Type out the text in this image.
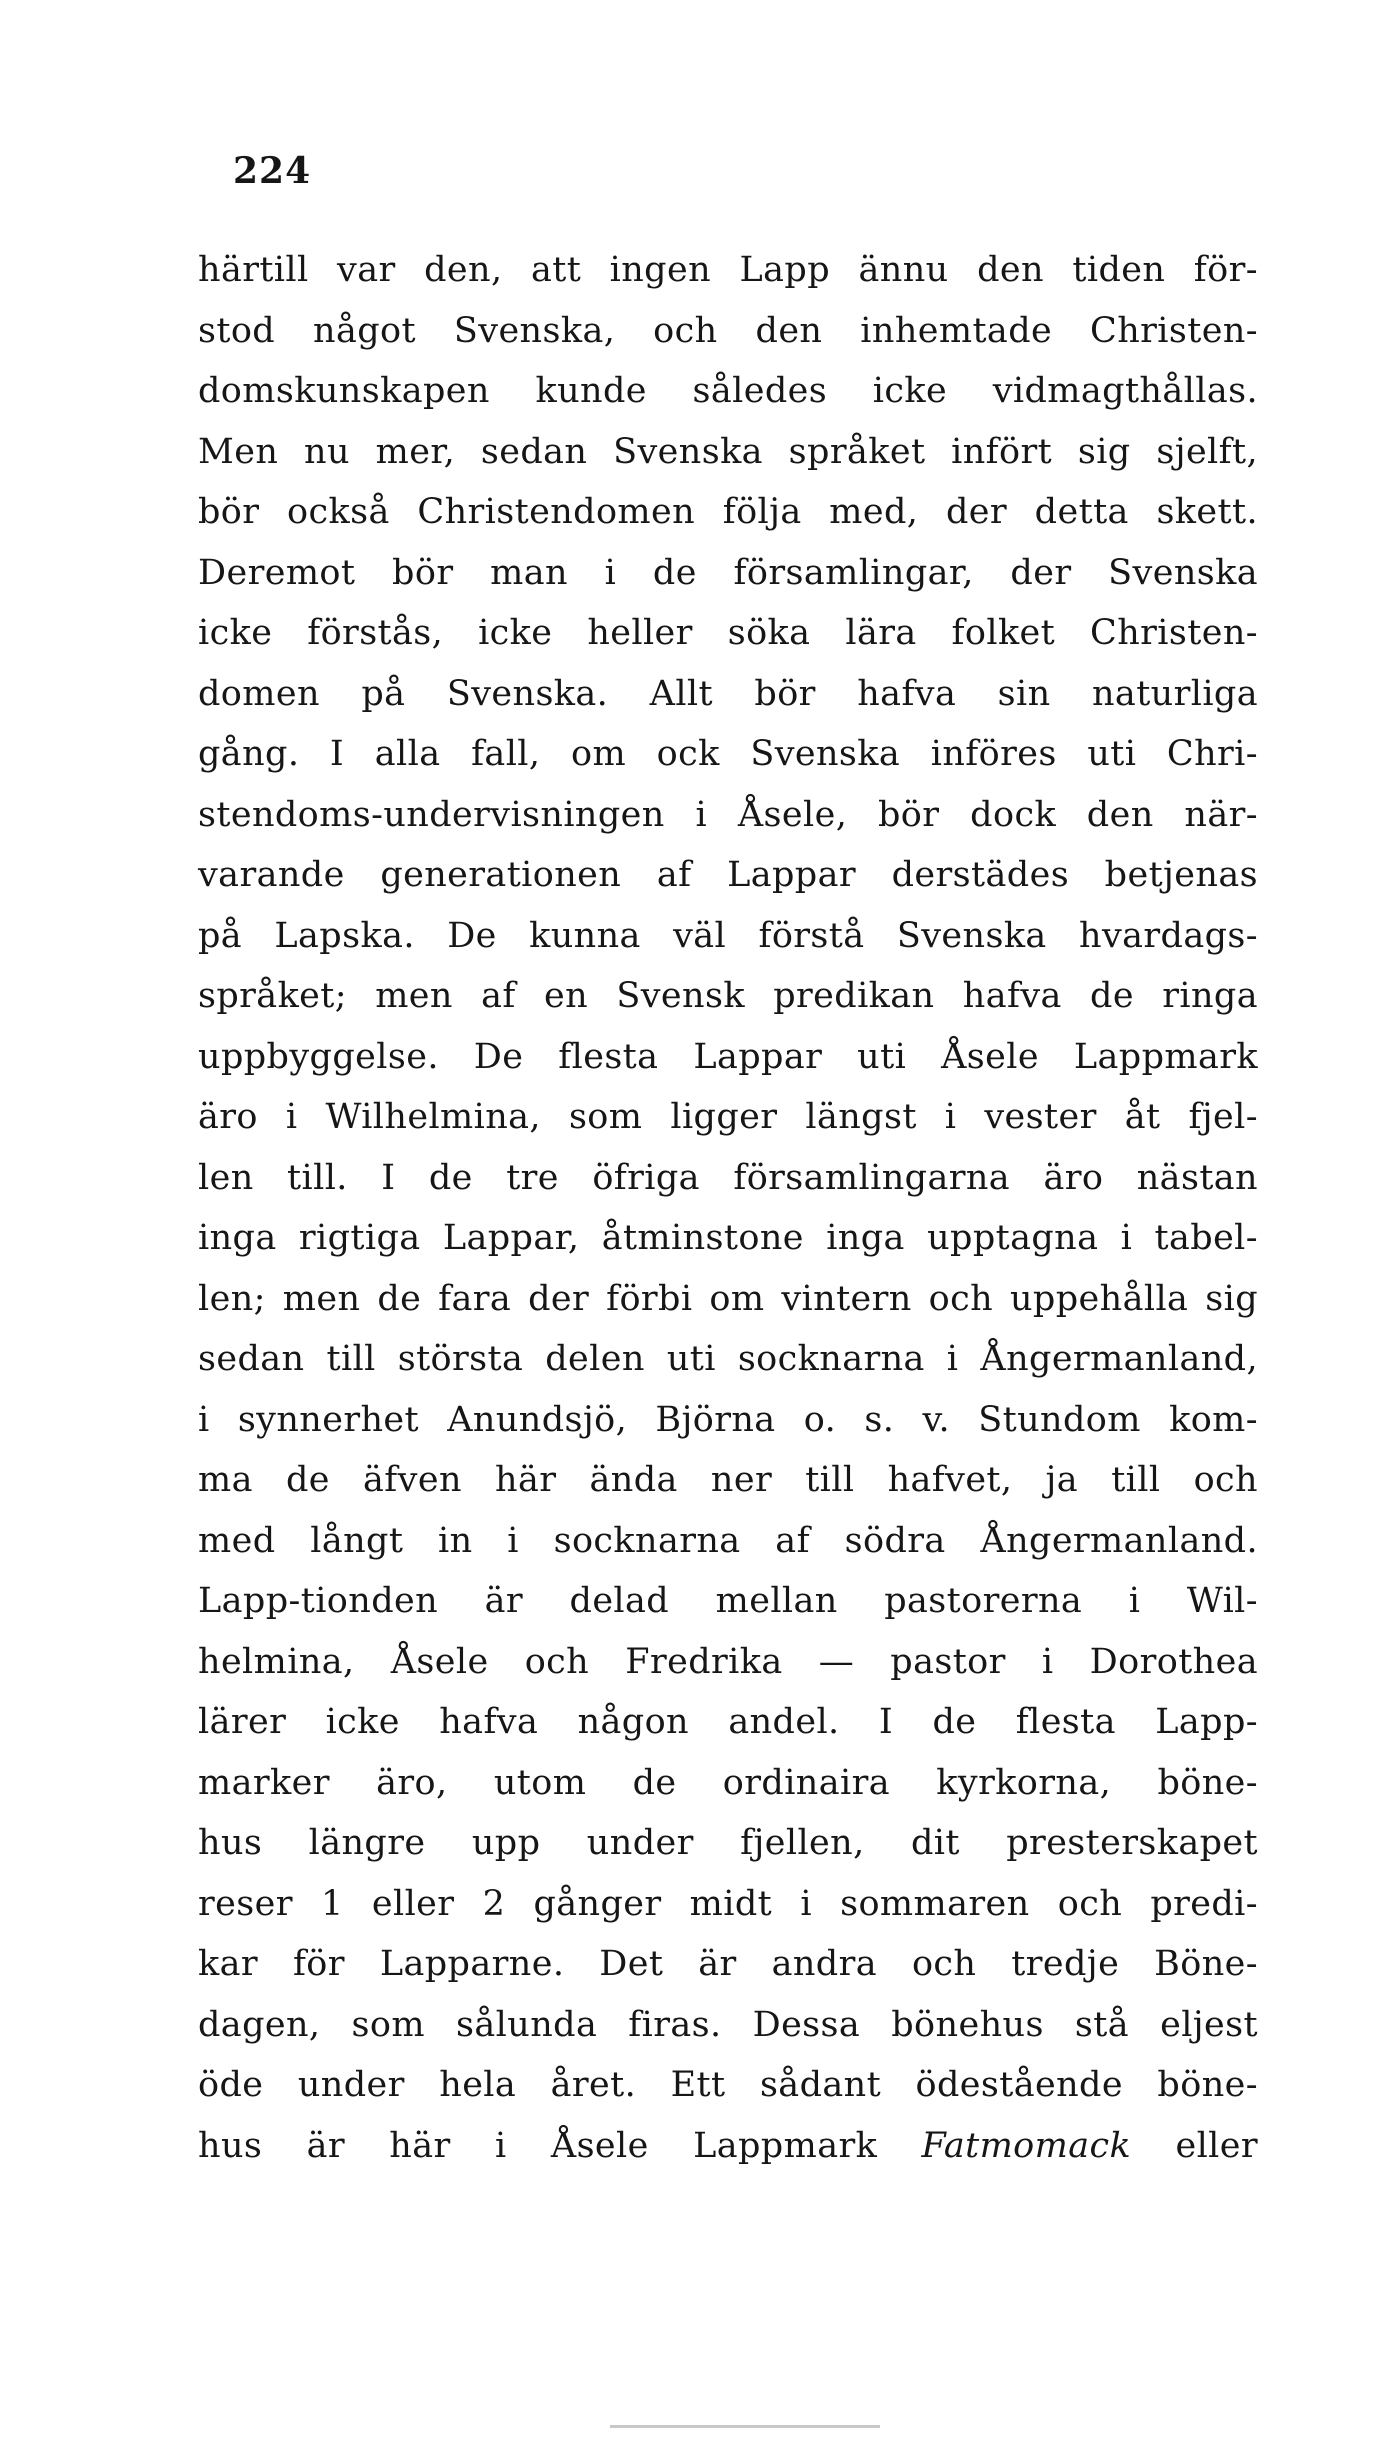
224
härtill var den, att ingen Lapp ännu den tiden för-
stod något Svenska, och den inhemtade Christen-
domskunskapen kunde således icke vidmagthållas.
Men nu mer, sedan Svenska språket infört sig sjelft,
bör också Christendomen följa med, der detta skett.
Deremot bör man i de församlingar, der Svenska
icke förstås, icke heller söka lära folket Christen-
domen på Svenska. Allt bör hafva sin naturliga
gång. I alla fall, om ock Svenska införes uti Chri-
stendoms-undervisningen i Åsele, bör dock den när-
varande generationen af Lappar derstädes betjenas
på Lapska. De kunna väl förstå Svenska hvardags-
språket; men af en Svensk predikan hafva de ringa
uppbyggelse. De flesta Lappar uti Åsele Lappmark
äro i Wilhelmina, som ligger längst i vester åt fjel-
len till. I de tre öfriga församlingarna äro nästan
inga rigtiga Lappar, åtminstone inga upptagna i tabel-
len; men de fara der förbi om vintern och uppehålla sig
sedan till största delen uti socknarna i Ångermanland,
i synnerhet Anundsjö, Björna o. s. v. Stundom kom-
ma de äfven här ända ner till hafvet, ja till och
med långt in i socknarna af södra Ångermanland.
Lapp-tionden är delad mellan pastorerna i Wil-
helmina, Åsele och Fredrika — pastor i Dorothea
lärer icke hafva någon andel. I de flesta Lapp-
marker äro, utom de ordinaira kyrkorna, böne-
hus längre upp under fjellen, dit presterskapet
reser 1 eller 2 gånger midt i sommaren och predi-
kar för Lapparne. Det är andra och tredje Böne-
dagen, som sålunda firas. Dessa bönehus stå eljest
öde under hela året. Ett sådant ödestående böne-
hus är här i Åsele Lappmark Fatmomack eller
